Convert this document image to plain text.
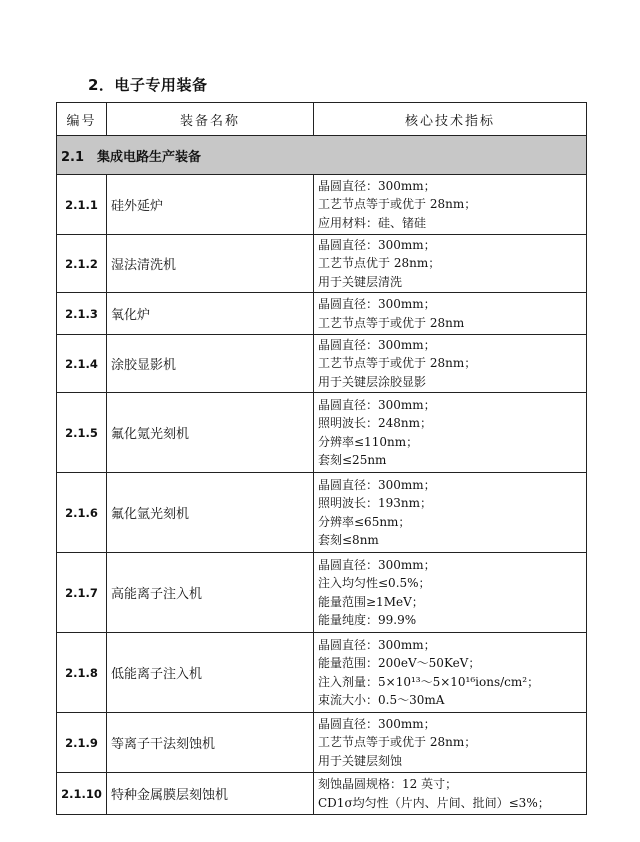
2．电子专用装备
编号	装备名称	核心技术指标
2.1 集成电路生产装备		
2.1.1	硅外延炉	晶圆直径：300mm；
工艺节点等于或优于 28nm；
应用材料：硅、锗硅

2.1.2	湿法清洗机	晶圆直径：300mm；
工艺节点优于 28nm；
用于关键层清洗

2.1.3	氧化炉	晶圆直径：300mm；
工艺节点等于或优于 28nm

2.1.4	涂胶显影机	晶圆直径：300mm；
工艺节点等于或优于 28nm；
用于关键层涂胶显影

2.1.5	氟化氪光刻机	晶圆直径：300mm；
照明波长：248nm；
分辨率≤110nm；
套刻≤25nm

2.1.6	氟化氩光刻机	晶圆直径：300mm；
照明波长：193nm；
分辨率≤65nm；
套刻≤8nm

2.1.7	高能离子注入机	晶圆直径：300mm；
注入均匀性≤0.5%；
能量范围≥1MeV；
能量纯度：99.9%

2.1.8	低能离子注入机	晶圆直径：300mm；
能量范围：200eV～50KeV；
注入剂量：5×10¹³～5×10¹⁶ions/cm²；
束流大小：0.5～30mA

2.1.9	等离子干法刻蚀机	晶圆直径：300mm；
工艺节点等于或优于 28nm；
用于关键层刻蚀

2.1.10	特种金属膜层刻蚀机	刻蚀晶圆规格：12 英寸；
CD1σ均匀性（片内、片间、批间）≤3%；
